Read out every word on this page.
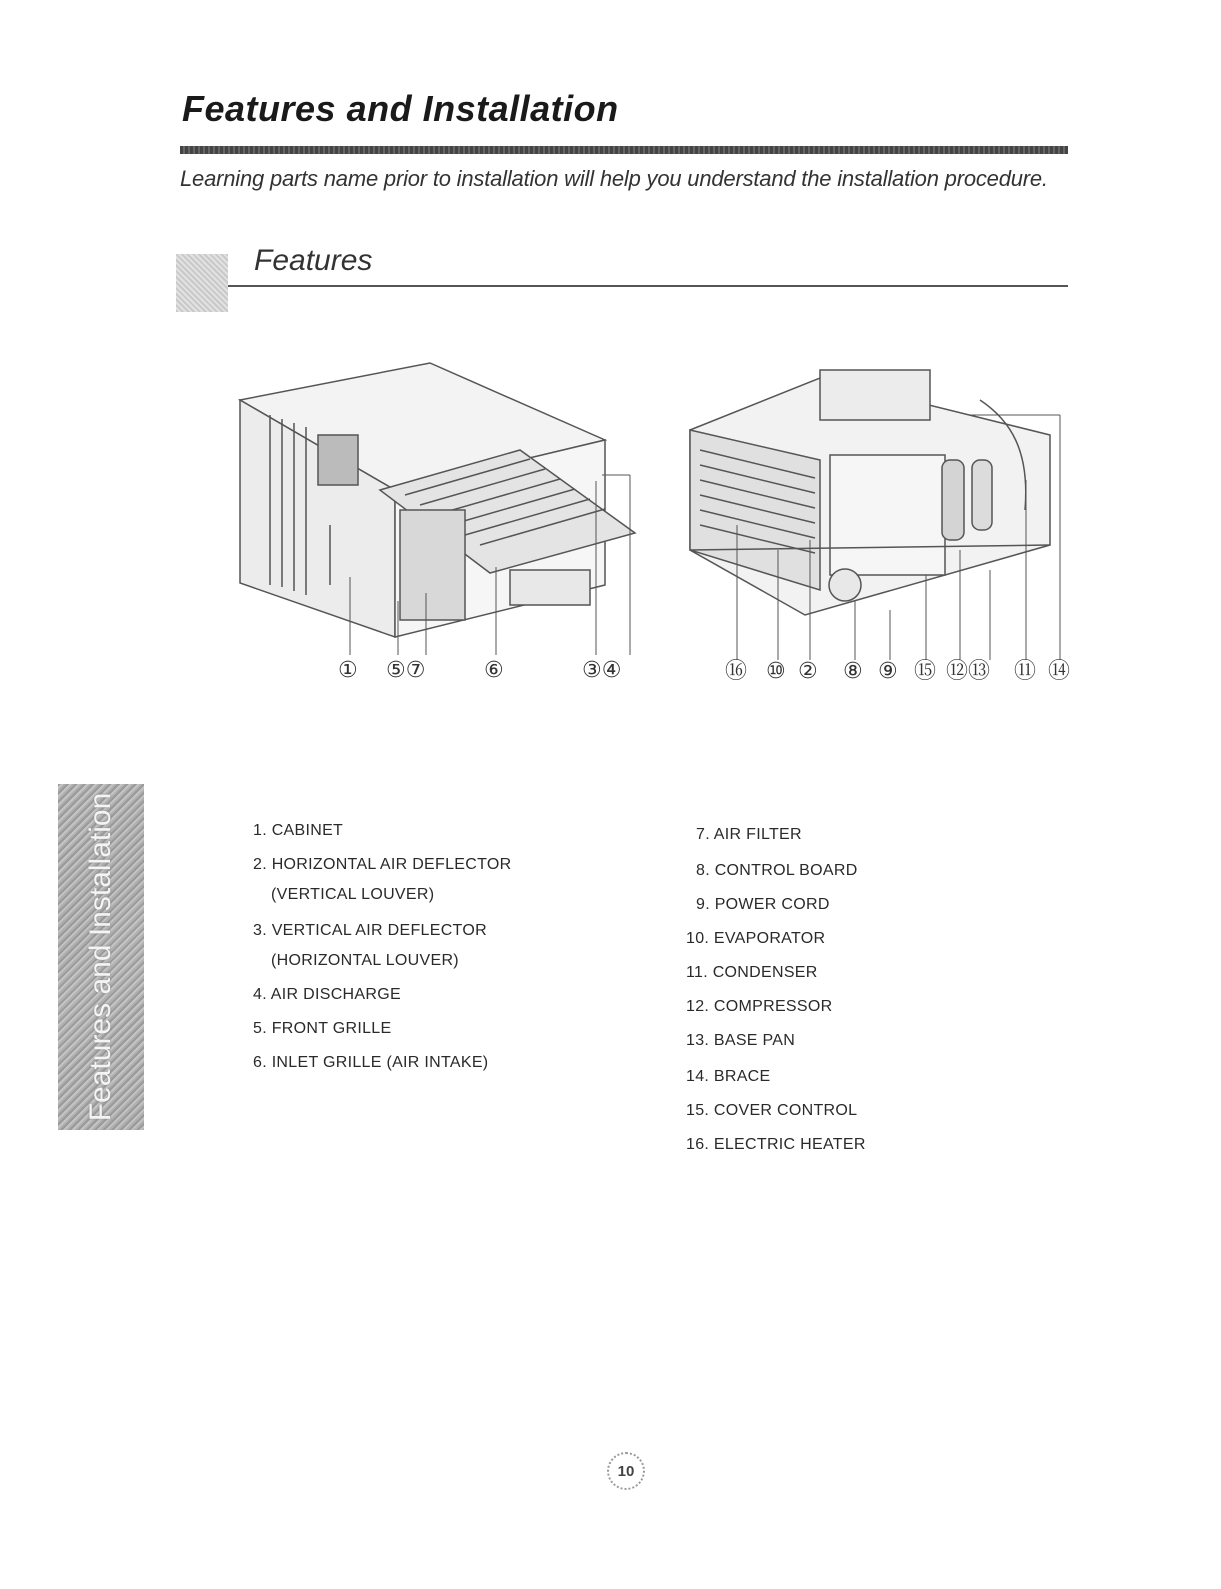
Features and Installation
Learning parts name prior to installation will help you understand the installation procedure.
Features
① ⑤⑦	⑥	③④	⑯ ⑩ ② ⑧ ⑨ ⑮ ⑫⑬ ⑪ ⑭
Features and Installation	1. CABINET
2. HORIZONTAL AIR DEFLECTOR
(VERTICAL LOUVER)
3. VERTICAL AIR DEFLECTOR
(HORIZONTAL LOUVER)
4. AIR DISCHARGE
5. FRONT GRILLE
6. INLET GRILLE (AIR INTAKE)
7. AIR FILTER
8. CONTROL BOARD
9. POWER CORD
10. EVAPORATOR
11. CONDENSER
12. COMPRESSOR
13. BASE PAN
14. BRACE
15. COVER CONTROL
16. ELECTRIC HEATER
10
